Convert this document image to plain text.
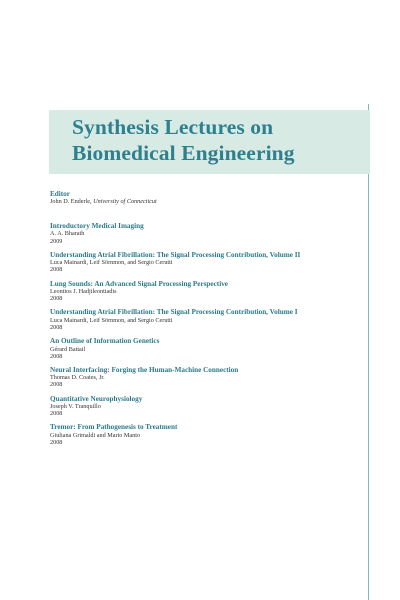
Synthesis Lectures on
Biomedical Engineering
Editor
John D. Enderle, University of Connecticut
Introductory Medical Imaging
A. A. Bharath
2009
Understanding Atrial Fibrillation: The Signal Processing Contribution, Volume II
Luca Mainardi, Leif Sörnmon, and Sergio Cerutti
2008
Lung Sounds: An Advanced Signal Processing Perspective
Leontios J. Hadjileontiadis
2008
Understanding Atrial Fibrillation: The Signal Processing Contribution, Volume I
Luca Mainardi, Leif Sörnmon, and Sergio Cerutti
2008
An Outline of Information Genetics
Gérard Battail
2008
Neural Interfacing: Forging the Human-Machine Connection
Thomas D. Coates, Jr.
2008
Quantitative Neurophysiology
Joseph V. Tranquillo
2008
Tremor: From Pathogenesis to Treatment
Giuliana Grimaldi and Mario Manto
2008
